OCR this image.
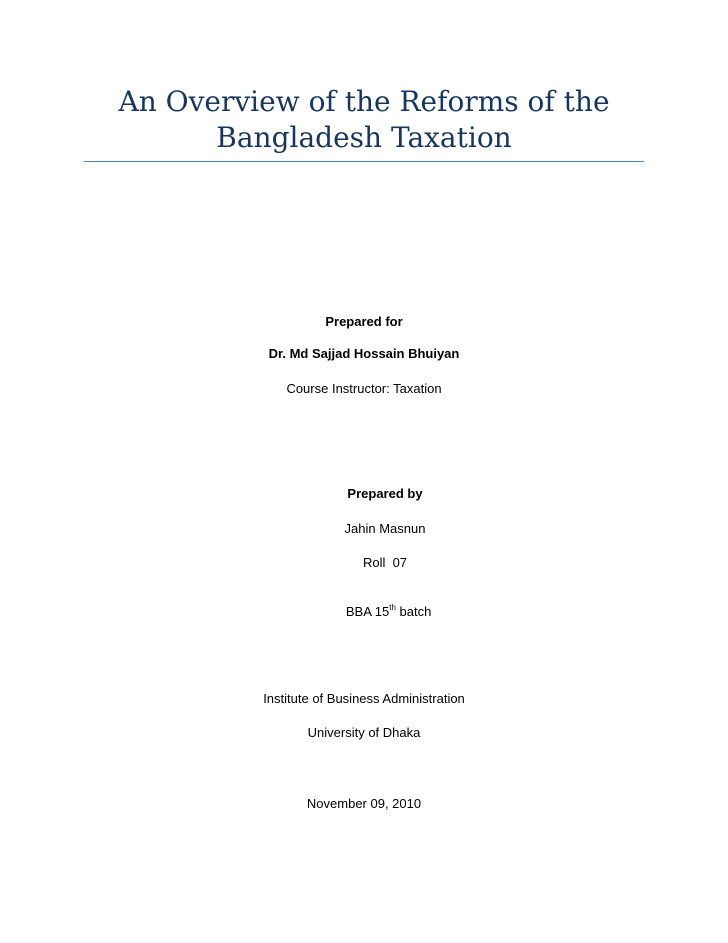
An Overview of the Reforms of the
Bangladesh Taxation
Prepared for
Dr. Md Sajjad Hossain Bhuiyan
Course Instructor: Taxation
Prepared by
Jahin Masnun
Roll  07

BBA 15th batch

Institute of Business Administration
University of Dhaka
November 09, 2010
